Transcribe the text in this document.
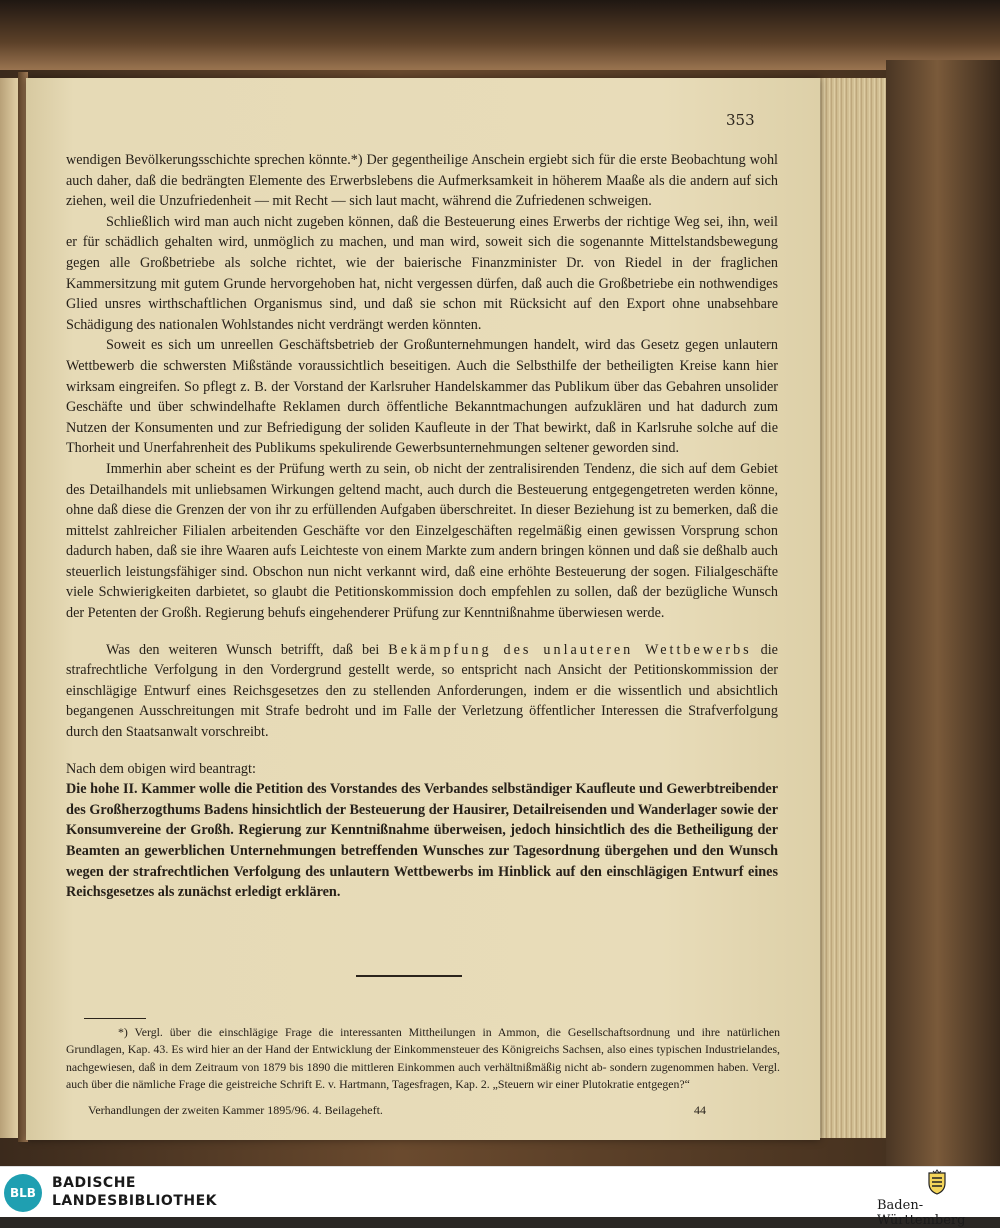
353

wendigen Bevölkerungsschichte sprechen könnte.*) Der gegentheilige Anschein ergiebt sich für die erste Beobachtung wohl auch daher, daß die bedrängten Elemente des Erwerbslebens die Aufmerksamkeit in höherem Maaße als die andern auf sich ziehen, weil die Unzufriedenheit — mit Recht — sich laut macht, während die Zufriedenen schweigen.

Schließlich wird man auch nicht zugeben können, daß die Besteuerung eines Erwerbs der richtige Weg sei, ihn, weil er für schädlich gehalten wird, unmöglich zu machen, und man wird, soweit sich die sogenannte Mittelstandsbewegung gegen alle Großbetriebe als solche richtet, wie der baierische Finanzminister Dr. von Riedel in der fraglichen Kammersitzung mit gutem Grunde hervorgehoben hat, nicht vergessen dürfen, daß auch die Großbetriebe ein nothwendiges Glied unsres wirthschaftlichen Organismus sind, und daß sie schon mit Rücksicht auf den Export ohne unabsehbare Schädigung des nationalen Wohlstandes nicht verdrängt werden könnten.

Soweit es sich um unreellen Geschäftsbetrieb der Großunternehmungen handelt, wird das Gesetz gegen unlautern Wettbewerb die schwersten Mißstände voraussichtlich beseitigen. Auch die Selbsthilfe der betheiligten Kreise kann hier wirksam eingreifen. So pflegt z. B. der Vorstand der Karlsruher Handelskammer das Publikum über das Gebahren unsolider Geschäfte und über schwindelhafte Reklamen durch öffentliche Bekanntmachungen aufzuklären und hat dadurch zum Nutzen der Konsumenten und zur Befriedigung der soliden Kaufleute in der That bewirkt, daß in Karlsruhe solche auf die Thorheit und Unerfahrenheit des Publikums spekulirende Gewerbsunternehmungen seltener geworden sind.

Immerhin aber scheint es der Prüfung werth zu sein, ob nicht der zentralisirenden Tendenz, die sich auf dem Gebiet des Detailhandels mit unliebsamen Wirkungen geltend macht, auch durch die Besteuerung entgegengetreten werden könne, ohne daß diese die Grenzen der von ihr zu erfüllenden Aufgaben überschreitet. In dieser Beziehung ist zu bemerken, daß die mittelst zahlreicher Filialen arbeitenden Geschäfte vor den Einzelgeschäften regelmäßig einen gewissen Vorsprung schon dadurch haben, daß sie ihre Waaren aufs Leichteste von einem Markte zum andern bringen können und daß sie deßhalb auch steuerlich leistungsfähiger sind. Obschon nun nicht verkannt wird, daß eine erhöhte Besteuerung der sogen. Filialgeschäfte viele Schwierigkeiten darbietet, so glaubt die Petitionskommission doch empfehlen zu sollen, daß der bezügliche Wunsch der Petenten der Großh. Regierung behufs eingehenderer Prüfung zur Kenntnißnahme überwiesen werde.

Was den weiteren Wunsch betrifft, daß bei Bekämpfung des unlauteren Wettbewerbs die strafrechtliche Verfolgung in den Vordergrund gestellt werde, so entspricht nach Ansicht der Petitionskommission der einschlägige Entwurf eines Reichsgesetzes den zu stellenden Anforderungen, indem er die wissentlich und absichtlich begangenen Ausschreitungen mit Strafe bedroht und im Falle der Verletzung öffentlicher Interessen die Strafverfolgung durch den Staatsanwalt vorschreibt.

Nach dem obigen wird beantragt:

Die hohe II. Kammer wolle die Petition des Vorstandes des Verbandes selbständiger Kaufleute und Gewerbtreibender des Großherzogthums Badens hinsichtlich der Besteuerung der Hausirer, Detailreisenden und Wanderlager sowie der Konsumvereine der Großh. Regierung zur Kenntnißnahme überweisen, jedoch hinsichtlich des die Betheiligung der Beamten an gewerblichen Unternehmungen betreffenden Wunsches zur Tagesordnung übergehen und den Wunsch wegen der strafrechtlichen Verfolgung des unlautern Wettbewerbs im Hinblick auf den einschlägigen Entwurf eines Reichsgesetzes als zunächst erledigt erklären.

*) Vergl. über die einschlägige Frage die interessanten Mittheilungen in Ammon, die Gesellschaftsordnung und ihre natürlichen Grundlagen, Kap. 43. Es wird hier an der Hand der Entwicklung der Einkommensteuer des Königreichs Sachsen, also eines typischen Industrielandes, nachgewiesen, daß in dem Zeitraum von 1879 bis 1890 die mittleren Einkommen auch verhältnißmäßig nicht ab- sondern zugenommen haben. Vergl. auch über die nämliche Frage die geistreiche Schrift E. v. Hartmann, Tagesfragen, Kap. 2. „Steuern wir einer Plutokratie entgegen?“

Verhandlungen der zweiten Kammer 1895/96. 4. Beilageheft.	44
BLB
BADISCHE
LANDESBIBLIOTHEK	Baden-Württemberg
